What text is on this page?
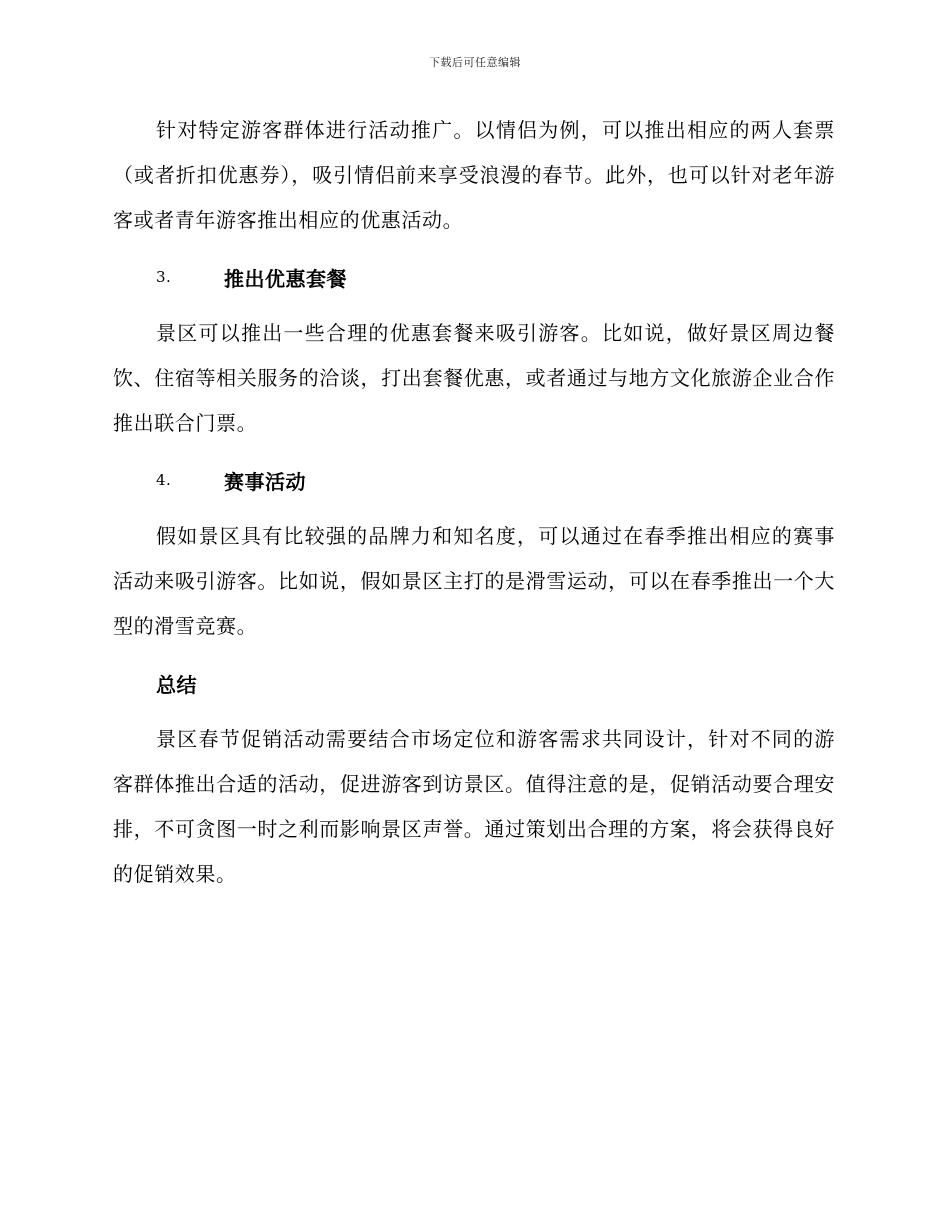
下载后可任意编辑

针对特定游客群体进行活动推广。以情侣为例，可以推出相应的两人套票（或者折扣优惠券），吸引情侣前来享受浪漫的春节。此外，也可以针对老年游客或者青年游客推出相应的优惠活动。

3.	推出优惠套餐

景区可以推出一些合理的优惠套餐来吸引游客。比如说，做好景区周边餐饮、住宿等相关服务的洽谈，打出套餐优惠，或者通过与地方文化旅游企业合作推出联合门票。

4.	赛事活动

假如景区具有比较强的品牌力和知名度，可以通过在春季推出相应的赛事活动来吸引游客。比如说，假如景区主打的是滑雪运动，可以在春季推出一个大型的滑雪竞赛。

总结

景区春节促销活动需要结合市场定位和游客需求共同设计，针对不同的游客群体推出合适的活动，促进游客到访景区。值得注意的是，促销活动要合理安排，不可贪图一时之利而影响景区声誉。通过策划出合理的方案，将会获得良好的促销效果。
